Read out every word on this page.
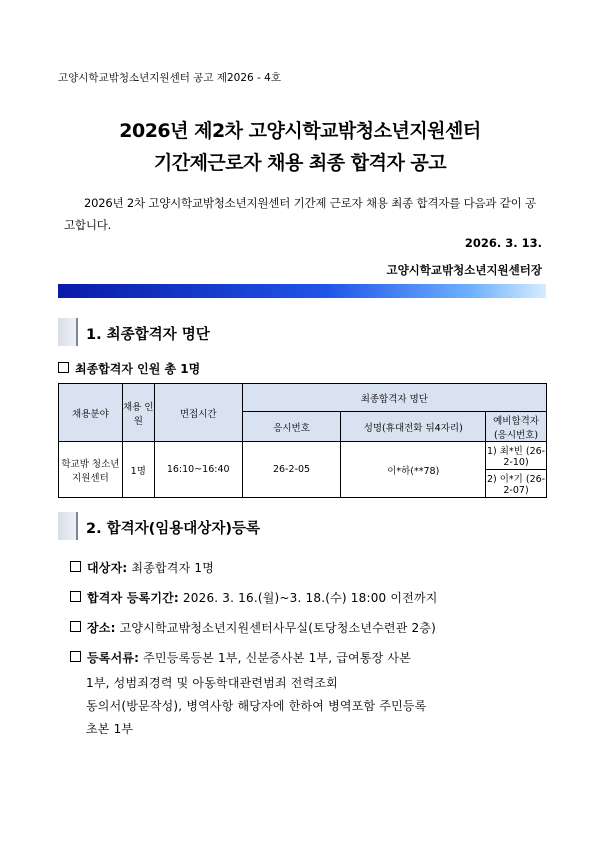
고양시학교밖청소년지원센터 공고 제2026 - 4호
2026년 제2차 고양시학교밖청소년지원센터
기간제근로자 채용 최종 합격자 공고
2026년 2차 고양시학교밖청소년지원센터 기간제 근로자 채용 최종 합격자를 다음과 같이 공고합니다.
2026. 3. 13.
고양시학교밖청소년지원센터장
1. 최종합격자 명단
최종합격자 인원 총 1명
채용분야	채용 인원	면접시간	최종합격자 명단		
			응시번호	성명(휴대전화 뒤4자리)	예비합격자 (응시번호)
학교밖 청소년 지원센터	1명	16:10~16:40	26-2-05	이*하(**78)	1) 최*빈 (26-2-10)
					2) 이*기 (26-2-07)
2. 합격자(임용대상자)등록
대상자: 최종합격자 1명
합격자 등록기간: 2026. 3. 16.(월)~3. 18.(수) 18:00 이전까지
장소: 고양시학교밖청소년지원센터사무실(토당청소년수련관 2층)
등록서류: 주민등록등본 1부, 신분증사본 1부, 급여통장 사본
1부, 성범죄경력 및 아동학대관련범죄 전력조회
동의서(방문작성), 병역사항 해당자에 한하여 병역포함 주민등록
초본 1부
